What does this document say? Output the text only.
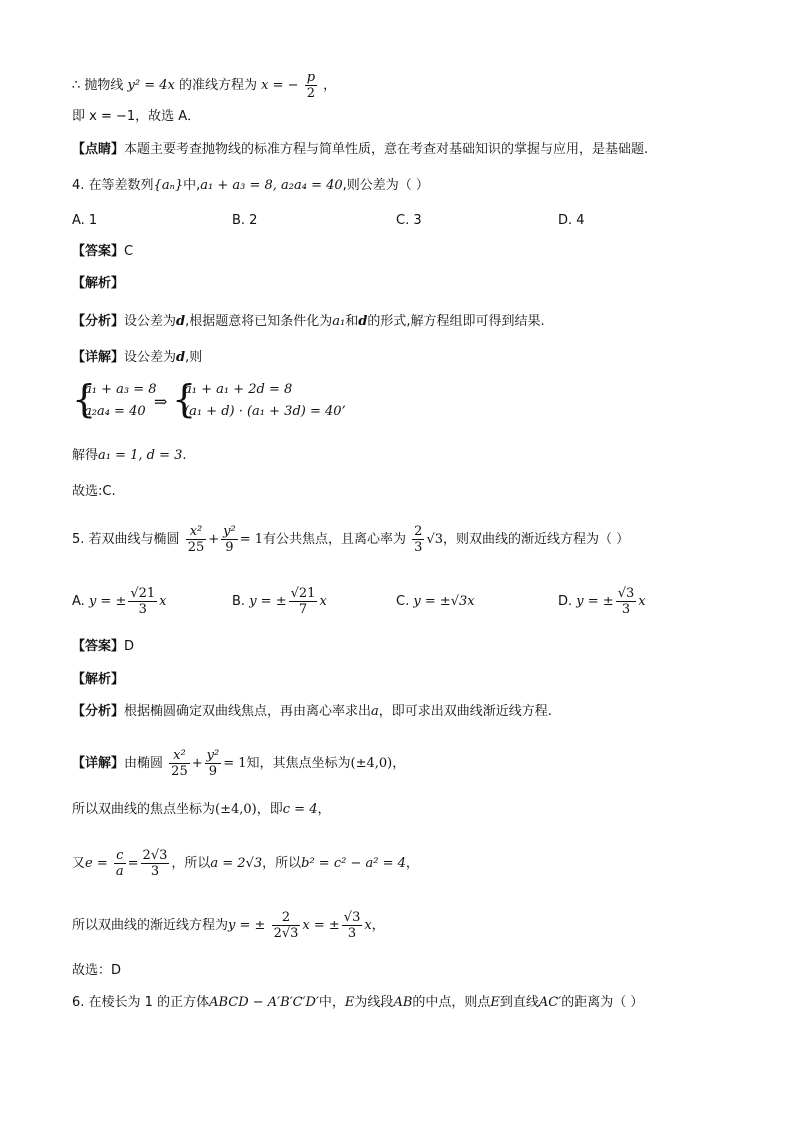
∴ 抛物线 y² = 4x 的准线方程为 x = − $\frac{p}{2}$ ，
即 x = −1，故选 A．
【点睛】本题主要考查抛物线的标准方程与简单性质，意在考查对基础知识的掌握与应用，是基础题.
4. 在等差数列{aₙ}中,a₁ + a₃ = 8, a₂a₄ = 40,则公差为（ ）
A. 1	B. 2	C. 3	D. 4
【答案】C
【解析】
【分析】设公差为d,根据题意将已知条件化为a₁和d的形式,解方程组即可得到结果.
【详解】设公差为d,则
{
a₁ + a₃ = 8
a₂a₄ = 40
⇒ {
a₁ + a₁ + 2d = 8
(a₁ + d) · (a₁ + 3d) = 40’
解得a₁ = 1, d = 3.
故选:C.
5. 若双曲线与椭圆 $\frac{\text{x²}}{25} + \frac{\text{y²}}{9} = 1$有公共焦点，且离心率为 $\frac{2}{3} √3$，则双曲线的渐近线方程为（ ）
A. y = ± $\frac{√21}{3}$ x	B. y = ± $\frac{√21}{7}$ x	C. y = ±√3x	D. y = ± $\frac{√3}{3}$ x
【答案】D
【解析】
【分析】根据椭圆确定双曲线焦点，再由离心率求出a，即可求出双曲线渐近线方程.
【详解】由椭圆 $\frac{\text{x²}}{25} + \frac{\text{y²}}{9} = 1$知，其焦点坐标为(±4,0)，
所以双曲线的焦点坐标为(±4,0)，即c = 4，
又$e = \frac{c}{a} = \frac{2√3}{3}$ ，所以a = 2√3，所以b² = c² − a² = 4，
所以双曲线的渐近线方程为y = ± $\frac{2}{2√3}$ x = ± $\frac{√3}{3}$ x，
故选：D
6. 在棱长为 1 的正方体ABCD − A′B′C′D′中，E为线段AB的中点，则点E到直线AC′的距离为（ ）
